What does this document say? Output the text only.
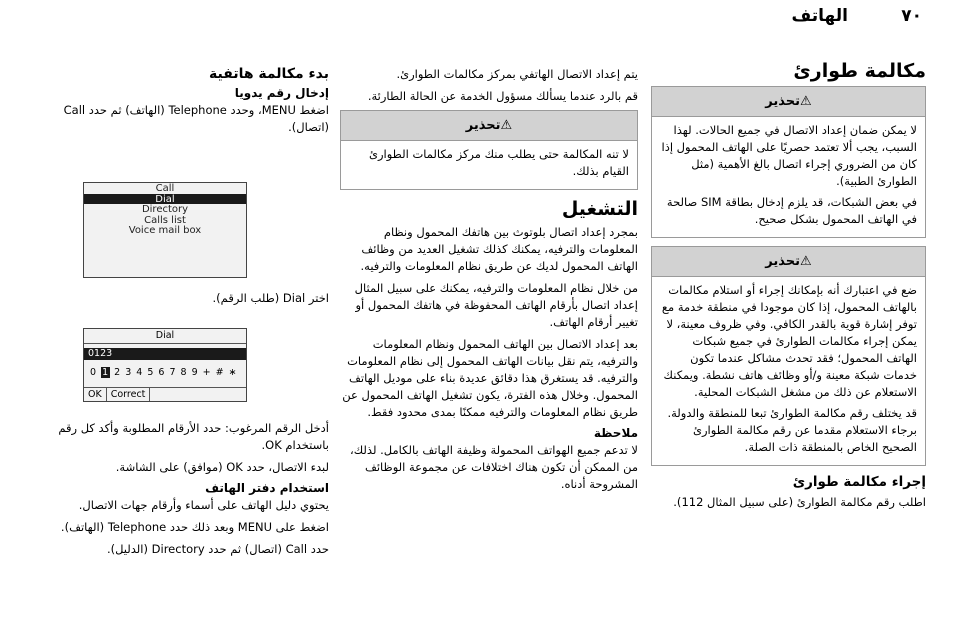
الهاتف	٧٠
مكالمة طوارئ
⚠تحذير

لا يمكن ضمان إعداد الاتصال في جميع الحالات. لهذا السبب، يجب ألا تعتمد حصريًا على الهاتف المحمول إذا كان من الضروري إجراء اتصال بالغ الأهمية (مثل الطوارئ الطبية).

في بعض الشبكات، قد يلزم إدخال بطاقة SIM صالحة في الهاتف المحمول بشكل صحيح.

⚠تحذير

ضع في اعتبارك أنه بإمكانك إجراء أو استلام مكالمات بالهاتف المحمول، إذا كان موجودا في منطقة خدمة مع توفر إشارة قوية بالقدر الكافي. وفي ظروف معينة، لا يمكن إجراء مكالمات الطوارئ في جميع شبكات الهاتف المحمول؛ فقد تحدث مشاكل عندما تكون خدمات شبكة معينة و/أو وظائف هاتف نشطة. ويمكنك الاستعلام عن ذلك من مشغل الشبكات المحلية.

قد يختلف رقم مكالمة الطوارئ تبعا للمنطقة والدولة. برجاء الاستعلام مقدما عن رقم مكالمة الطوارئ الصحيح الخاص بالمنطقة ذات الصلة.

إجراء مكالمة طوارئ

اطلب رقم مكالمة الطوارئ (على سبيل المثال 112).

يتم إعداد الاتصال الهاتفي بمركز مكالمات الطوارئ.

قم بالرد عندما يسألك مسؤول الخدمة عن الحالة الطارئة.

⚠تحذير

لا تنه المكالمة حتى يطلب منك مركز مكالمات الطوارئ القيام بذلك.

التشغيل

بمجرد إعداد اتصال بلوتوث بين هاتفك المحمول ونظام المعلومات والترفيه، يمكنك كذلك تشغيل العديد من وظائف الهاتف المحمول لديك عن طريق نظام المعلومات والترفيه.

من خلال نظام المعلومات والترفيه، يمكنك على سبيل المثال إعداد اتصال بأرقام الهاتف المحفوظة في هاتفك المحمول أو تغيير أرقام الهاتف.

بعد إعداد الاتصال بين الهاتف المحمول ونظام المعلومات والترفيه، يتم نقل بيانات الهاتف المحمول إلى نظام المعلومات والترفيه. قد يستغرق هذا دقائق عديدة بناء على موديل الهاتف المحمول. وخلال هذه الفترة، يكون تشغيل الهاتف المحمول عن طريق نظام المعلومات والترفيه ممكنًا بمدى محدود فقط.

ملاحظة

لا تدعم جميع الهواتف المحمولة وظيفة الهاتف بالكامل. لذلك، من الممكن أن تكون هناك اختلافات عن مجموعة الوظائف المشروحة أدناه.

بدء مكالمة هاتفية
إدخال رقم يدويا

اضغط MENU، وحدد Telephone (الهاتف) ثم حدد Call (اتصال).

Call
Dial
Directory
Calls list
Voice mail box

اختر Dial (طلب الرقم).

Dial
0123
0 1 2 3 4 5 6 7 8 9 + # ∗
OK Correct

أدخل الرقم المرغوب: حدد الأرقام المطلوبة وأكد كل رقم باستخدام OK.

لبدء الاتصال، حدد OK (موافق) على الشاشة.

استخدام دفتر الهاتف

يحتوي دليل الهاتف على أسماء وأرقام جهات الاتصال.

اضغط على MENU وبعد ذلك حدد Telephone (الهاتف).

حدد Call (اتصال) ثم حدد Directory (الدليل).
